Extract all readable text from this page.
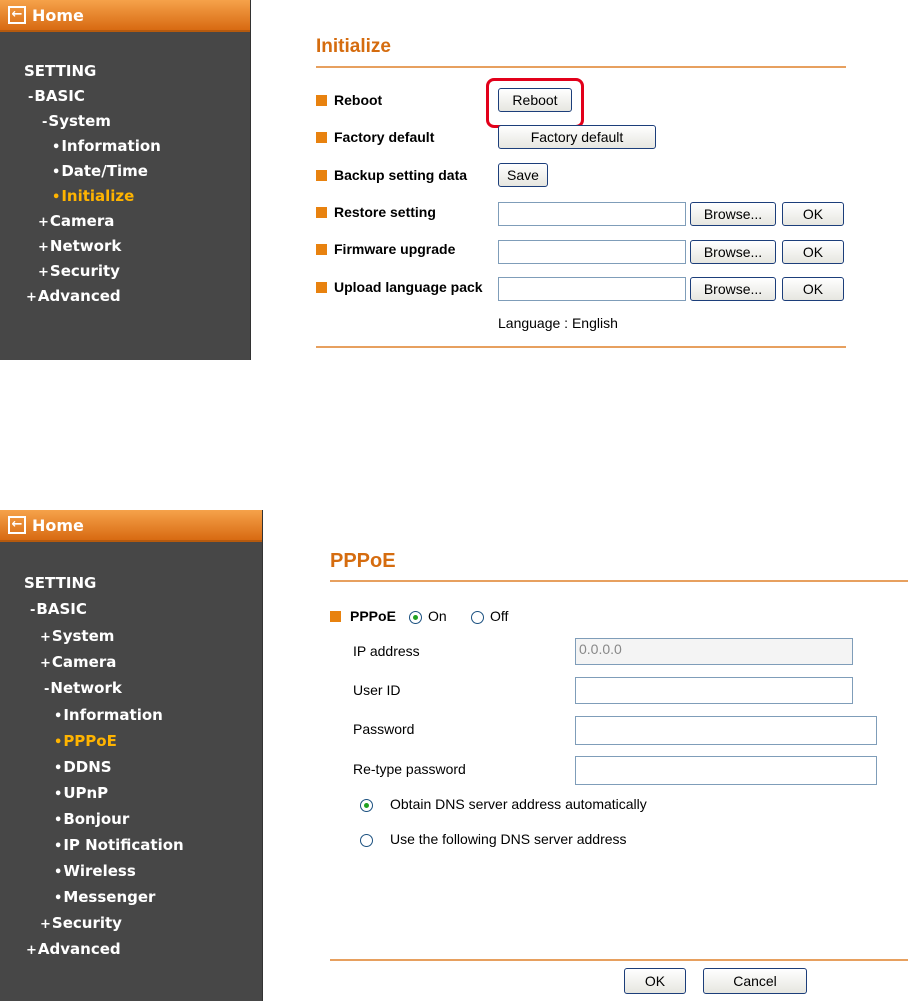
← Home
SETTING
-BASIC
-System
•Information
•Date/Time
•Initialize
+Camera
+Network
+Security
+Advanced
Initialize
Reboot	Reboot
Factory default	Factory default
Backup setting data	Save
Restore setting	Browse...	OK
Firmware upgrade	Browse...	OK
Upload language pack	Browse...	OK
Language : English
← Home
SETTING
-BASIC
+System
+Camera
-Network
•Information
•PPPoE
•DDNS
•UPnP
•Bonjour
•IP Notification
•Wireless
•Messenger
+Security
+Advanced
PPPoE
PPPoE On	Off
IP address	0.0.0.0
User ID
Password
Re-type password
Obtain DNS server address automatically
Use the following DNS server address
OK	Cancel
